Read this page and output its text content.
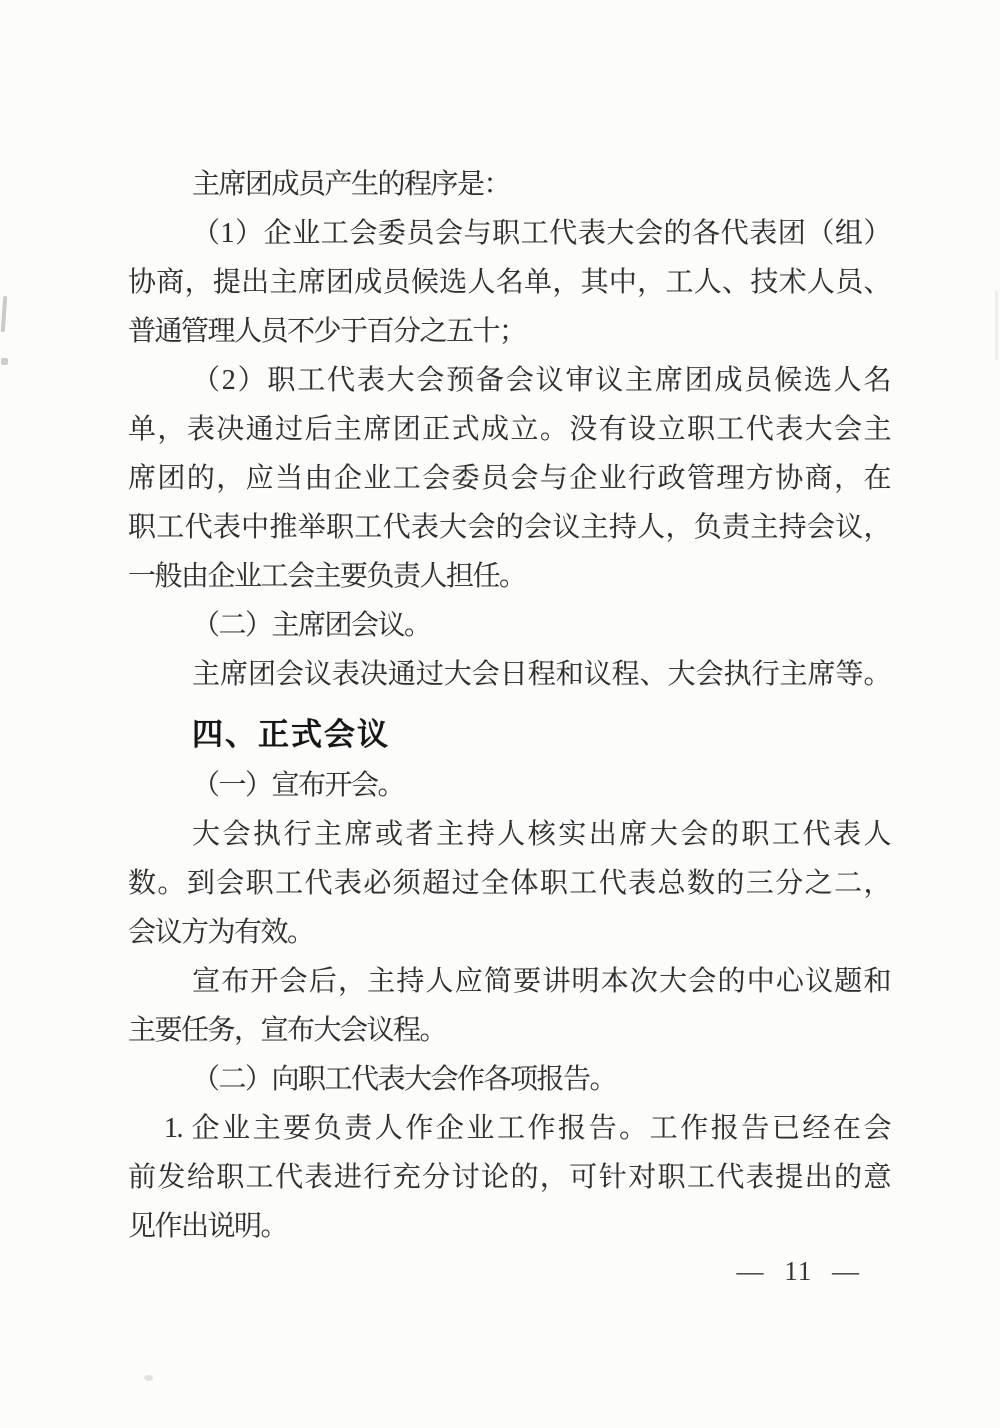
主席团成员产生的程序是：
（1）企业工会委员会与职工代表大会的各代表团（组）
协商，提出主席团成员候选人名单，其中，工人、技术人员、
普通管理人员不少于百分之五十；
（2）职工代表大会预备会议审议主席团成员候选人名
单，表决通过后主席团正式成立。没有设立职工代表大会主
席团的，应当由企业工会委员会与企业行政管理方协商，在
职工代表中推举职工代表大会的会议主持人，负责主持会议，
一般由企业工会主要负责人担任。
（二）主席团会议。
主席团会议表决通过大会日程和议程、大会执行主席等。
四、正式会议
（一）宣布开会。
大会执行主席或者主持人核实出席大会的职工代表人
数。到会职工代表必须超过全体职工代表总数的三分之二，
会议方为有效。
宣布开会后，主持人应简要讲明本次大会的中心议题和
主要任务，宣布大会议程。
（二）向职工代表大会作各项报告。
1. 企业主要负责人作企业工作报告。工作报告已经在会
前发给职工代表进行充分讨论的，可针对职工代表提出的意
见作出说明。
— 11 —
